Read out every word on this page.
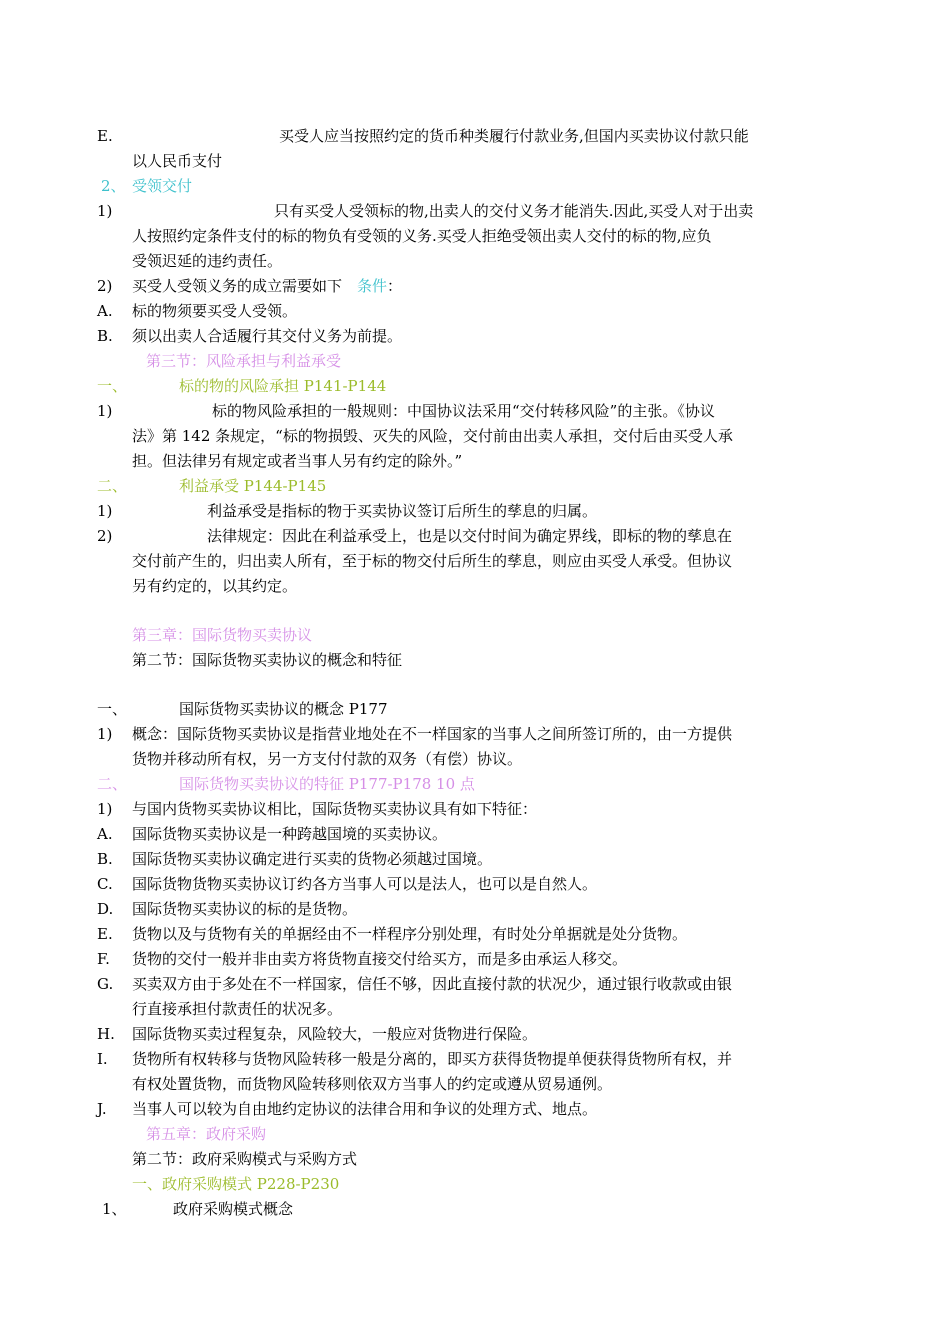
E.	买受人应当按照约定的货币种类履行付款业务,但国内买卖协议付款只能
以人民币支付
2、 受领交付
1)	只有买受人受领标的物,出卖人的交付义务才能消失.因此,买受人对于出卖
人按照约定条件支付的标的物负有受领的义务.买受人拒绝受领出卖人交付的标的物,应负
受领迟延的违约责任。
2) 买受人受领义务的成立需要如下 条件 ：
A. 标的物须要买受人受领。
B. 须以出卖人合适履行其交付义务为前提。
第三节：风险承担与利益承受
一、	标的物的风险承担 P141-P144
1)	标的物风险承担的一般规则：中国协议法采用“交付转移风险”的主张。《协议
法》第 142 条规定，“标的物损毁、灭失的风险，交付前由出卖人承担，交付后由买受人承
担。但法律另有规定或者当事人另有约定的除外。”
二、	利益承受 P144-P145
1)	利益承受是指标的物于买卖协议签订后所生的孳息的归属。
2)	法律规定：因此在利益承受上，也是以交付时间为确定界线，即标的物的孳息在
交付前产生的，归出卖人所有，至于标的物交付后所生的孳息，则应由买受人承受。但协议
另有约定的，以其约定。
第三章：国际货物买卖协议
第二节：国际货物买卖协议的概念和特征
一、	国际货物买卖协议的概念 P177
1) 概念：国际货物买卖协议是指营业地处在不一样国家的当事人之间所签订所的，由一方提供
货物并移动所有权，另一方支付付款的双务（有偿）协议。
二、	国际货物买卖协议的特征 P177-P178 10 点
1) 与国内货物买卖协议相比，国际货物买卖协议具有如下特征：
A. 国际货物买卖协议是一种跨越国境的买卖协议。
B. 国际货物买卖协议确定进行买卖的货物必须越过国境。
C. 国际货物货物买卖协议订约各方当事人可以是法人，也可以是自然人。
D. 国际货物买卖协议的标的是货物。
E. 货物以及与货物有关的单据经由不一样程序分别处理，有时处分单据就是处分货物。
F. 货物的交付一般并非由卖方将货物直接交付给买方，而是多由承运人移交。
G. 买卖双方由于多处在不一样国家，信任不够，因此直接付款的状况少，通过银行收款或由银
行直接承担付款责任的状况多。
H. 国际货物买卖过程复杂，风险较大，一般应对货物进行保险。
I. 货物所有权转移与货物风险转移一般是分离的，即买方获得货物提单便获得货物所有权，并
有权处置货物，而货物风险转移则依双方当事人的约定或遵从贸易通例。
J. 当事人可以较为自由地约定协议的法律合用和争议的处理方式、地点。
第五章：政府采购
第二节：政府采购模式与采购方式
一、政府采购模式 P228-P230
1、	政府采购模式概念
